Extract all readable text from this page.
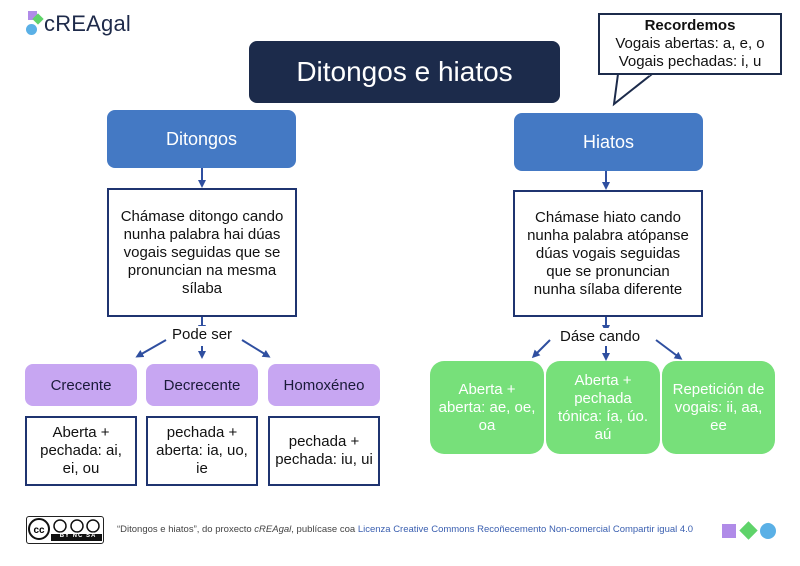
cREAgal
Ditongos e hiatos
Recordemos
Vogais abertas: a, e, o
Vogais pechadas: i, u
Ditongos
Chámase ditongo cando nunha palabra hai dúas vogais seguidas que se pronuncian na mesma sílaba
Pode ser
Crecente	Decrecente	Homoxéneo
Aberta + pechada: ai, ei, ou
pechada + aberta: ia, uo, ie
pechada + pechada: iu, ui
Hiatos
Chámase hiato cando nunha palabra atópanse dúas vogais seguidas que se pronuncian nunha sílaba diferente
Dáse cando
Aberta + aberta: ae, oe, oa
Aberta + pechada tónica: ía, úo. aú
Repetición de vogais: ii, aa, ee
cc	BY NC SA
“Ditongos e hiatos”, do proxecto cREAgal, publícase coa Licenza Creative Commons Recoñecemento Non-comercial Compartir igual 4.0
